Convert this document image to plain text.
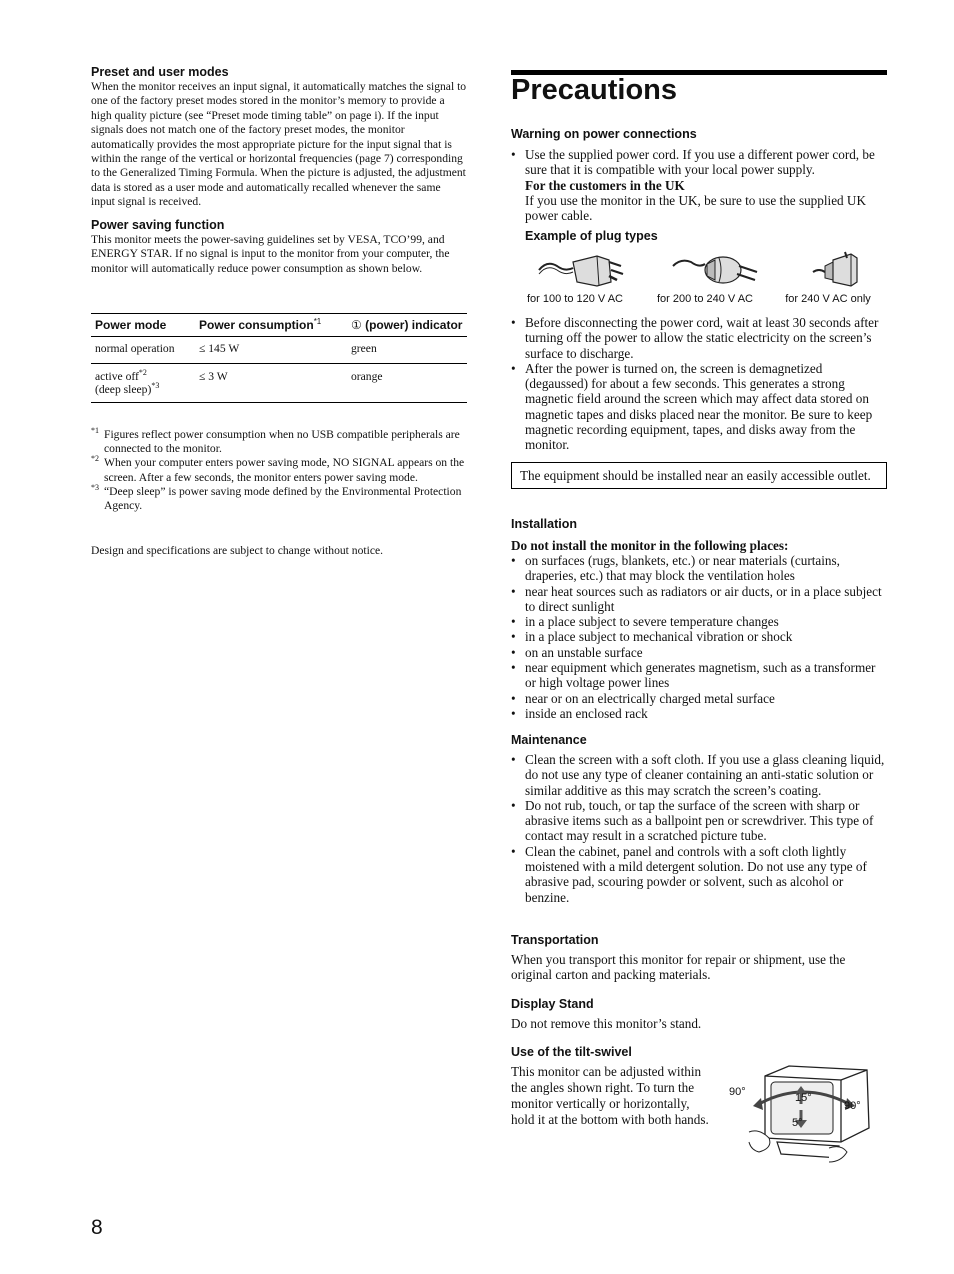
Preset and user modes

When the monitor receives an input signal, it automatically matches the signal to one of the factory preset modes stored in the monitor’s memory to provide a high quality picture (see “Preset mode timing table” on page i). If the input signals does not match one of the factory preset modes, the monitor automatically provides the most appropriate picture for the input signal that is within the range of the vertical or horizontal frequencies (page 7) corresponding to the Generalized Timing Formula. When the picture is adjusted, the adjustment data is stored as a user mode and automatically recalled whenever the same input signal is received.

Power saving function

This monitor meets the power-saving guidelines set by VESA, TCO’99, and ENERGY STAR. If no signal is input to the monitor from your computer, the monitor will automatically reduce power consumption as shown below.

Power mode	Power consumption$^{*1}$	① (power) indicator
normal operation	≤ 145 W	green
active off$^{*2}$
(deep sleep)$^{*3}$	≤ 3 W	orange
$^{*1}$ Figures reflect power consumption when no USB compatible peripherals are connected to the monitor.
$^{*2}$ When your computer enters power saving mode, NO SIGNAL appears on the screen. After a few seconds, the monitor enters power saving mode.
$^{*3}$ “Deep sleep” is power saving mode defined by the Environmental Protection Agency.

Design and specifications are subject to change without notice.

Precautions

Warning on power connections

• Use the supplied power cord. If you use a different power cord, be sure that it is compatible with your local power supply.
For the customers in the UK
If you use the monitor in the UK, be sure to use the supplied UK power cable.

Example of plug types

for 100 to 120 V AC	for 200 to 240 V AC	for 240 V AC only
• Before disconnecting the power cord, wait at least 30 seconds after turning off the power to allow the static electricity on the screen’s surface to discharge.
• After the power is turned on, the screen is demagnetized (degaussed) for about a few seconds. This generates a strong magnetic field around the screen which may affect data stored on magnetic tapes and disks placed near the monitor. Be sure to keep magnetic recording equipment, tapes, and disks away from the monitor.
The equipment should be installed near an easily accessible outlet.

Installation

Do not install the monitor in the following places:

• on surfaces (rugs, blankets, etc.) or near materials (curtains, draperies, etc.) that may block the ventilation holes
• near heat sources such as radiators or air ducts, or in a place subject to direct sunlight
• in a place subject to severe temperature changes
• in a place subject to mechanical vibration or shock
• on an unstable surface
• near equipment which generates magnetism, such as a transformer or high voltage power lines
• near or on an electrically charged metal surface
• inside an enclosed rack

Maintenance

• Clean the screen with a soft cloth. If you use a glass cleaning liquid, do not use any type of cleaner containing an anti-static solution or similar additive as this may scratch the screen’s coating.
• Do not rub, touch, or tap the surface of the screen with sharp or abrasive items such as a ballpoint pen or screwdriver. This type of contact may result in a scratched picture tube.
• Clean the cabinet, panel and controls with a soft cloth lightly moistened with a mild detergent solution. Do not use any type of abrasive pad, scouring powder or solvent, such as alcohol or benzine.

Transportation

When you transport this monitor for repair or shipment, use the original carton and packing materials.

Display Stand

Do not remove this monitor’s stand.

Use of the tilt-swivel

This monitor can be adjusted within the angles shown right. To turn the monitor vertically or horizontally, hold it at the bottom with both hands.

90°
90°
15°
5°
8
